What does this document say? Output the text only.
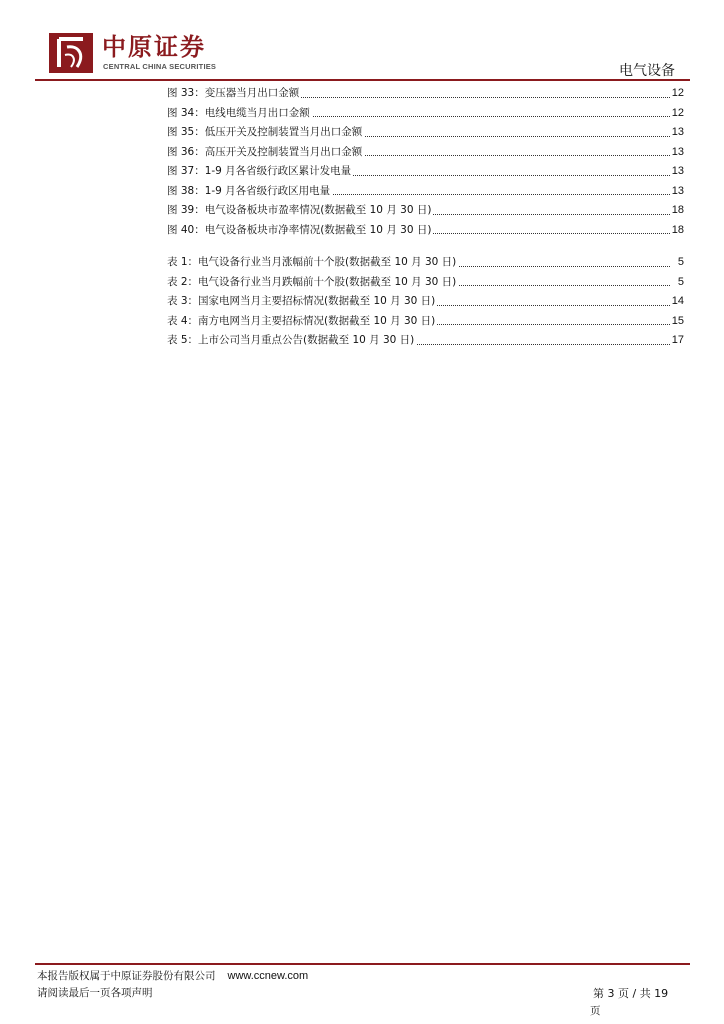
中原证券
CENTRAL CHINA SECURITIES	电气设备
图 33：变压器当月出口金额	12
图 34：电线电缆当月出口金额	12
图 35：低压开关及控制装置当月出口金额	13
图 36：高压开关及控制装置当月出口金额	13
图 37：1-9 月各省级行政区累计发电量	13
图 38：1-9 月各省级行政区用电量	13
图 39：电气设备板块市盈率情况(数据截至 10 月 30 日)	18
图 40：电气设备板块市净率情况(数据截至 10 月 30 日)	18
表 1：电气设备行业当月涨幅前十个股(数据截至 10 月 30 日)	5
表 2：电气设备行业当月跌幅前十个股(数据截至 10 月 30 日)	5
表 3：国家电网当月主要招标情况(数据截至 10 月 30 日)	14
表 4：南方电网当月主要招标情况(数据截至 10 月 30 日)	15
表 5：上市公司当月重点公告(数据截至 10 月 30 日)	17
本报告版权属于中原证券股份有限公司 www.ccnew.com
请阅读最后一页各项声明	第 3 页 / 共 19
页
